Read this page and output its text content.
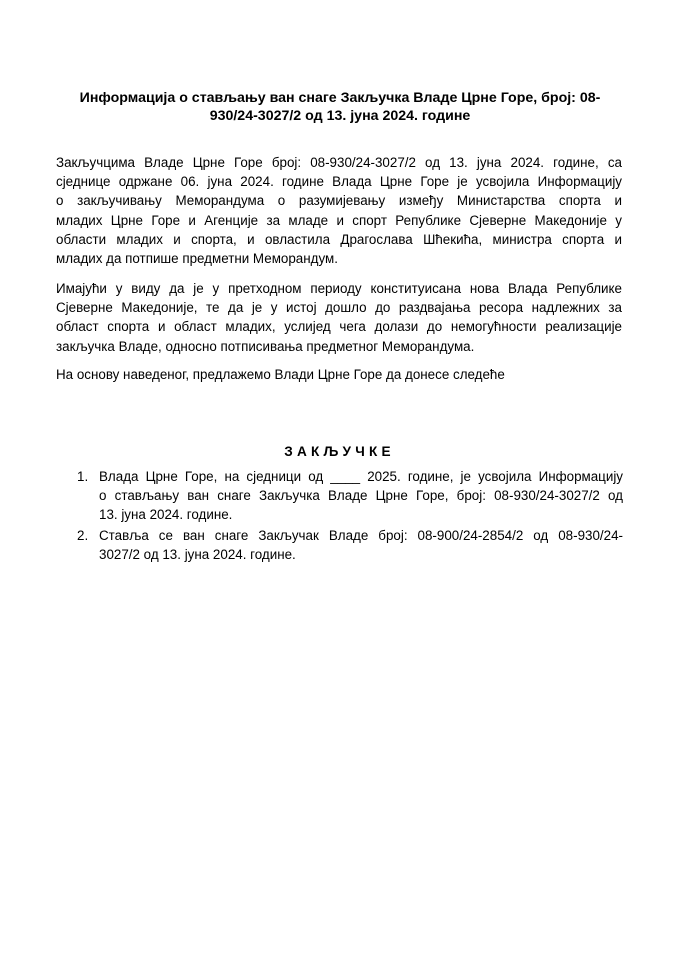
Информација о стављању ван снаге Закључка Владе Црне Горе, број: 08-
930/24-3027/2 од 13. јуна 2024. године
Закључцима Владе Црне Горе број: 08-930/24-3027/2 од 13. јуна 2024. године, са
сједнице одржане 06. јуна 2024. године Влада Црне Горе је усвојила Информацију
о закључивању Меморандума о разумијевању између Министарства спорта и
младих Црне Горе и Агенције за младе и спорт Републике Сјеверне Македоније у
области младих и спорта, и овластила Драгослава Шћекића, министра спорта и
младих да потпише предметни Меморандум.
Имајући у виду да је у претходном периоду конституисана нова Влада Републике
Сјеверне Македоније, те да је у истој дошло до раздвајања ресора надлежних за
област спорта и област младих, услијед чега долази до немогућности реализације
закључка Владе, односно потписивања предметног Меморандума.
На основу наведеног, предлажемо Влади Црне Горе да донесе следеће
ЗАКЉУЧКЕ
1. Влада Црне Горе, на сједници од ____ 2025. године, је усвојила Информацију
о стављању ван снаге Закључка Владе Црне Горе, број: 08-930/24-3027/2 од
13. јуна 2024. године.
2. Ставља се ван снаге Закључак Владе број: 08-900/24-2854/2 од 08-930/24-
3027/2 од 13. јуна 2024. године.
